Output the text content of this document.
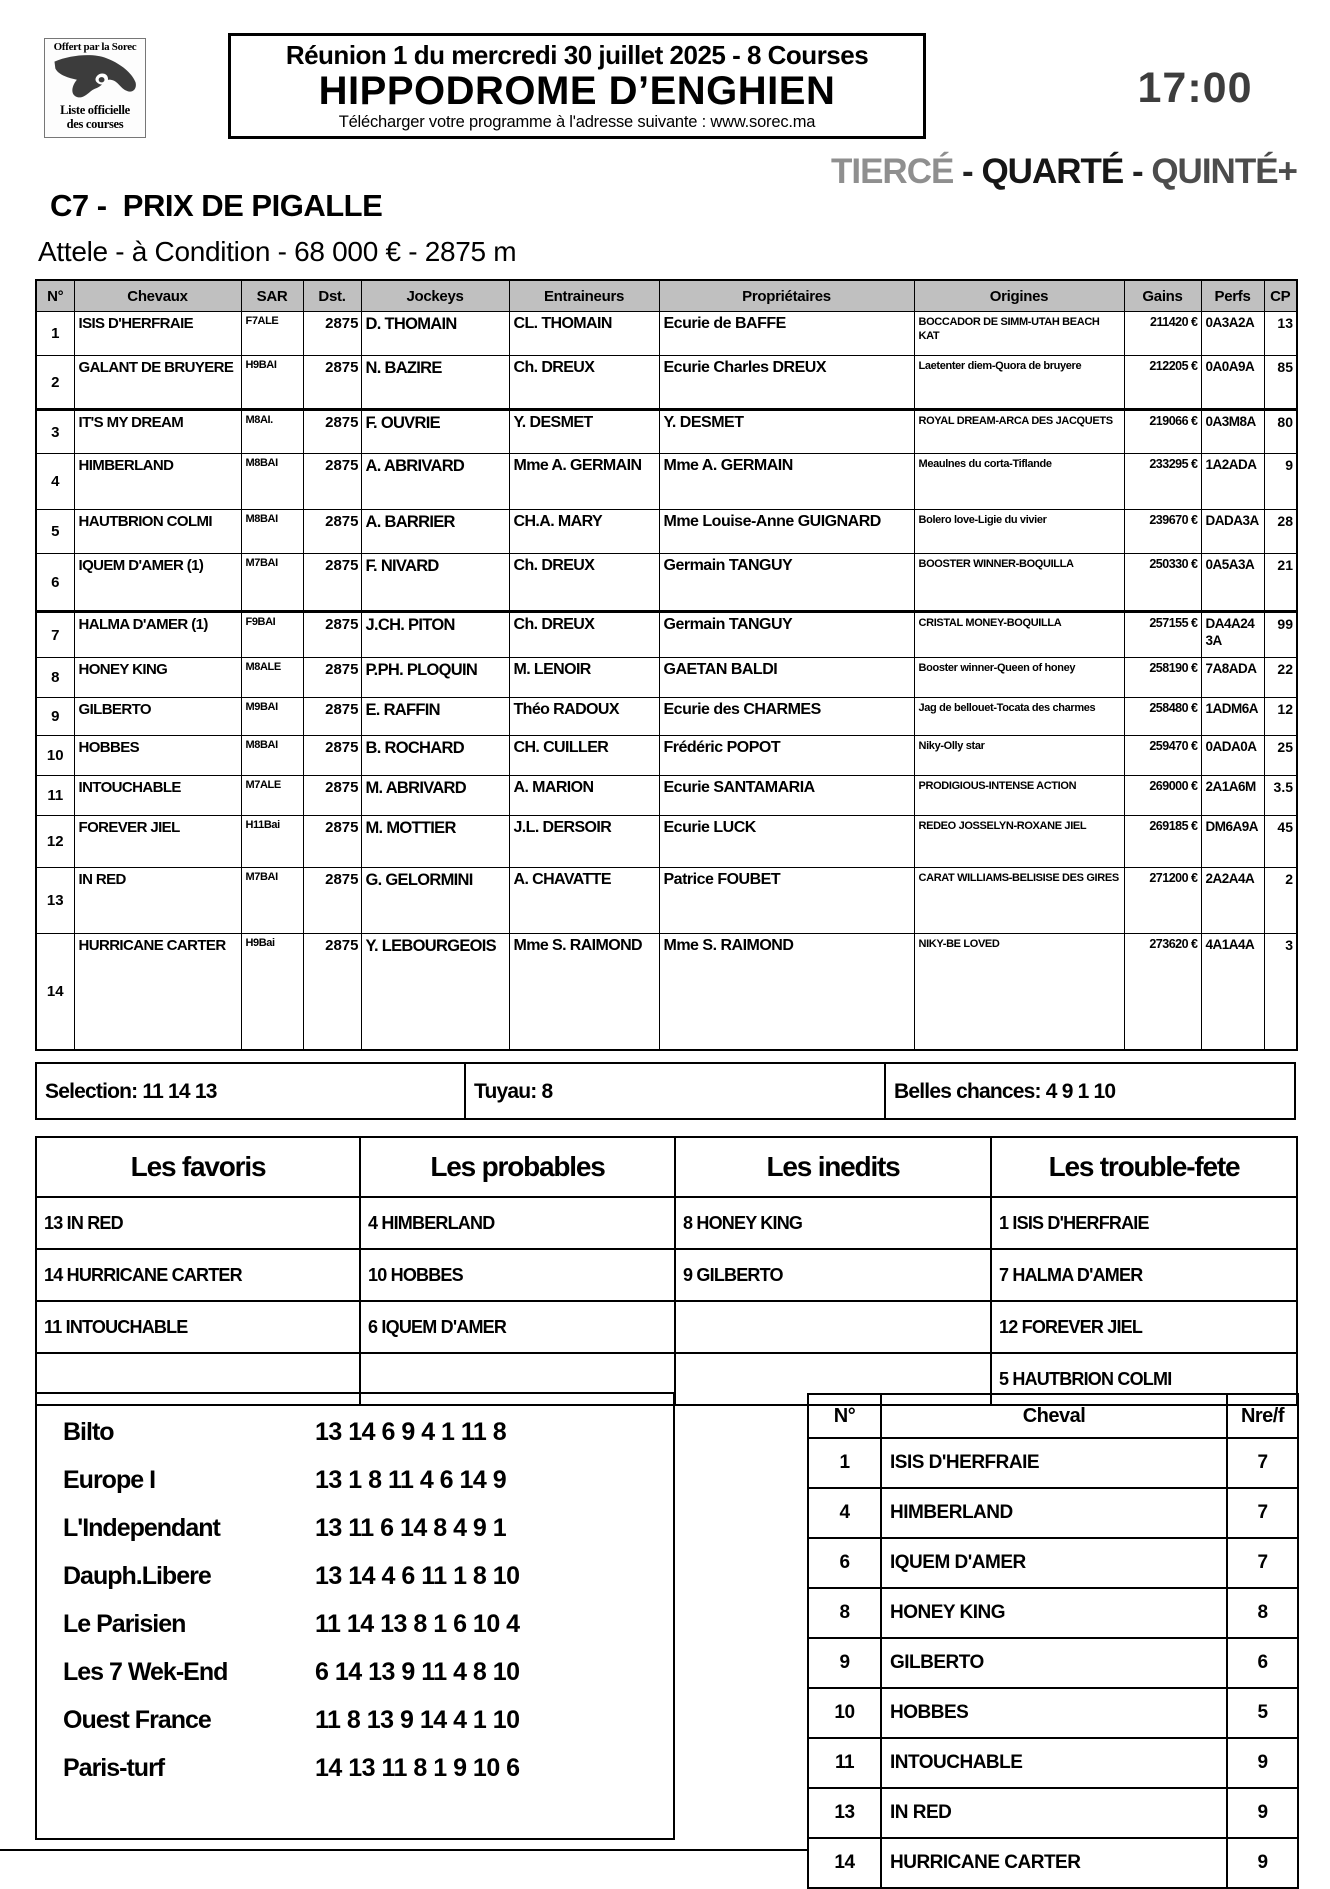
Offert par la Sorec
Liste officielle
des courses
Réunion 1 du mercredi 30 juillet 2025 - 8 Courses
HIPPODROME D’ENGHIEN
Télécharger votre programme à l'adresse suivante : www.sorec.ma
17:00
TIERCÉ - QUARTÉ - QUINTÉ+
C7 -  PRIX DE PIGALLE
Attele - à Condition - 68 000 € - 2875 m
N°	Chevaux	SAR	Dst.	Jockeys	Entraineurs	Propriétaires	Origines	Gains	Perfs	CP
1	ISIS D'HERFRAIE	F7ALE	2875	D. THOMAIN	CL. THOMAIN	Ecurie de BAFFE	BOCCADOR DE SIMM-UTAH BEACH KAT	211420 €	0A3A2A	13
2	GALANT DE BRUYERE	H9BAI	2875	N. BAZIRE	Ch. DREUX	Ecurie Charles DREUX	Laetenter diem-Quora de bruyere	212205 €	0A0A9A	85
3	IT'S MY DREAM	M8AI.	2875	F. OUVRIE	Y. DESMET	Y. DESMET	ROYAL DREAM-ARCA DES JACQUETS	219066 €	0A3M8A	80
4	HIMBERLAND	M8BAI	2875	A. ABRIVARD	Mme A. GERMAIN	Mme A. GERMAIN	Meaulnes du corta-Tiflande	233295 €	1A2ADA	9
5	HAUTBRION COLMI	M8BAI	2875	A. BARRIER	CH.A. MARY	Mme Louise-Anne GUIGNARD	Bolero love-Ligie du vivier	239670 €	DADA3A	28
6	IQUEM D'AMER (1)	M7BAI	2875	F. NIVARD	Ch. DREUX	Germain TANGUY	BOOSTER WINNER-BOQUILLA	250330 €	0A5A3A	21
7	HALMA D'AMER (1)	F9BAI	2875	J.CH. PITON	Ch. DREUX	Germain TANGUY	CRISTAL MONEY-BOQUILLA	257155 €	DA4A243A	99
8	HONEY KING	M8ALE	2875	P.PH. PLOQUIN	M. LENOIR	GAETAN BALDI	Booster winner-Queen of honey	258190 €	7A8ADA	22
9	GILBERTO	M9BAI	2875	E. RAFFIN	Théo RADOUX	Ecurie des CHARMES	Jag de bellouet-Tocata des charmes	258480 €	1ADM6A	12
10	HOBBES	M8BAI	2875	B. ROCHARD	CH. CUILLER	Frédéric POPOT	Niky-Olly star	259470 €	0ADA0A	25
11	INTOUCHABLE	M7ALE	2875	M. ABRIVARD	A. MARION	Ecurie SANTAMARIA	PRODIGIOUS-INTENSE ACTION	269000 €	2A1A6M	3.5
12	FOREVER JIEL	H11Bai	2875	M. MOTTIER	J.L. DERSOIR	Ecurie LUCK	REDEO JOSSELYN-ROXANE JIEL	269185 €	DM6A9A	45
13	IN RED	M7BAI	2875	G. GELORMINI	A. CHAVATTE	Patrice FOUBET	CARAT WILLIAMS-BELISISE DES GIRES	271200 €	2A2A4A	2
14	HURRICANE CARTER	H9Bai	2875	Y. LEBOURGEOIS	Mme S. RAIMOND	Mme S. RAIMOND	NIKY-BE LOVED	273620 €	4A1A4A	3
Selection: 11 14 13	Tuyau: 8	Belles chances: 4 9 1 10
Les favoris	Les probables	Les inedits	Les trouble-fete
13 IN RED	4 HIMBERLAND	8 HONEY KING	1 ISIS D'HERFRAIE
14 HURRICANE CARTER	10 HOBBES	9 GILBERTO	7 HALMA D'AMER
11 INTOUCHABLE	6 IQUEM D'AMER		12 FOREVER JIEL
			5 HAUTBRION COLMI
Bilto	13 14 6 9 4 1 11 8
Europe I	13 1 8 11 4 6 14 9
L'Independant	13 11 6 14 8 4 9 1
Dauph.Libere	13 14 4 6 11 1 8 10
Le Parisien	11 14 13 8 1 6 10 4
Les 7 Wek-End	6 14 13 9 11 4 8 10
Ouest France	11 8 13 9 14 4 1 10
Paris-turf	14 13 11 8 1 9 10 6
N°	Cheval	Nre/f
1	ISIS D'HERFRAIE	7
4	HIMBERLAND	7
6	IQUEM D'AMER	7
8	HONEY KING	8
9	GILBERTO	6
10	HOBBES	5
11	INTOUCHABLE	9
13	IN RED	9
14	HURRICANE CARTER	9
